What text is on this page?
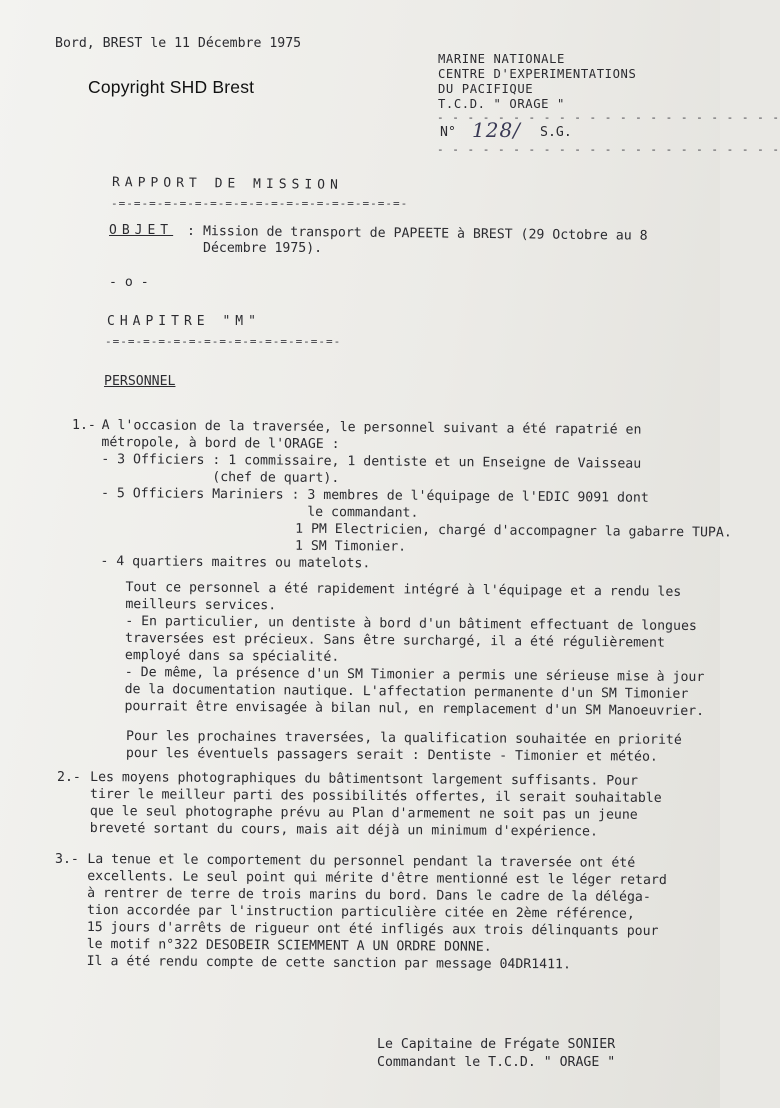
Bord, BREST le 11 Décembre 1975
Copyright SHD Brest
MARINE NATIONALE
CENTRE D'EXPERIMENTATIONS
DU PACIFIQUE
T.C.D. " ORAGE "
- - - - - - - - - - - - - - - - - - - - - - -
N° 128/ S.G.
- - - - - - - - - - - - - - - - - - - - - - -
RAPPORT DE MISSION
-=-=-=-=-=-=-=-=-=-=-=-=-=-=-=-=-=-=-=-
OBJET : Mission de transport de PAPEETE à BREST (29 Octobre au 8
Décembre 1975).
- o -
CHAPITRE "M"
-=-=-=-=-=-=-=-=-=-=-=-=-=-=-=-
PERSONNEL
1.- A l'occasion de la traversée, le personnel suivant a été rapatrié en
métropole, à bord de l'ORAGE :
- 3 Officiers : 1 commissaire, 1 dentiste et un Enseigne de Vaisseau
(chef de quart).
- 5 Officiers Mariniers : 3 membres de l'équipage de l'EDIC 9091 dont
le commandant.
1 PM Electricien, chargé d'accompagner la gabarre TUPA.
1 SM Timonier.
- 4 quartiers maitres ou matelots.
Tout ce personnel a été rapidement intégré à l'équipage et a rendu les
meilleurs services.
- En particulier, un dentiste à bord d'un bâtiment effectuant de longues
traversées est précieux. Sans être surchargé, il a été régulièrement
employé dans sa spécialité.
- De même, la présence d'un SM Timonier a permis une sérieuse mise à jour
de la documentation nautique. L'affectation permanente d'un SM Timonier
pourrait être envisagée à bilan nul, en remplacement d'un SM Manoeuvrier.
Pour les prochaines traversées, la qualification souhaitée en priorité
pour les éventuels passagers serait : Dentiste - Timonier et météo.
2.- Les moyens photographiques du bâtimentsont largement suffisants. Pour
tirer le meilleur parti des possibilités offertes, il serait souhaitable
que le seul photographe prévu au Plan d'armement ne soit pas un jeune
breveté sortant du cours, mais ait déjà un minimum d'expérience.
3.- La tenue et le comportement du personnel pendant la traversée ont été
excellents. Le seul point qui mérite d'être mentionné est le léger retard
à rentrer de terre de trois marins du bord. Dans le cadre de la déléga-
tion accordée par l'instruction particulière citée en 2ème référence,
15 jours d'arrêts de rigueur ont été infligés aux trois délinquants pour
le motif n°322 DESOBEIR SCIEMMENT A UN ORDRE DONNE.
Il a été rendu compte de cette sanction par message 04DR1411.
Le Capitaine de Frégate SONIER
Commandant le T.C.D. " ORAGE "
